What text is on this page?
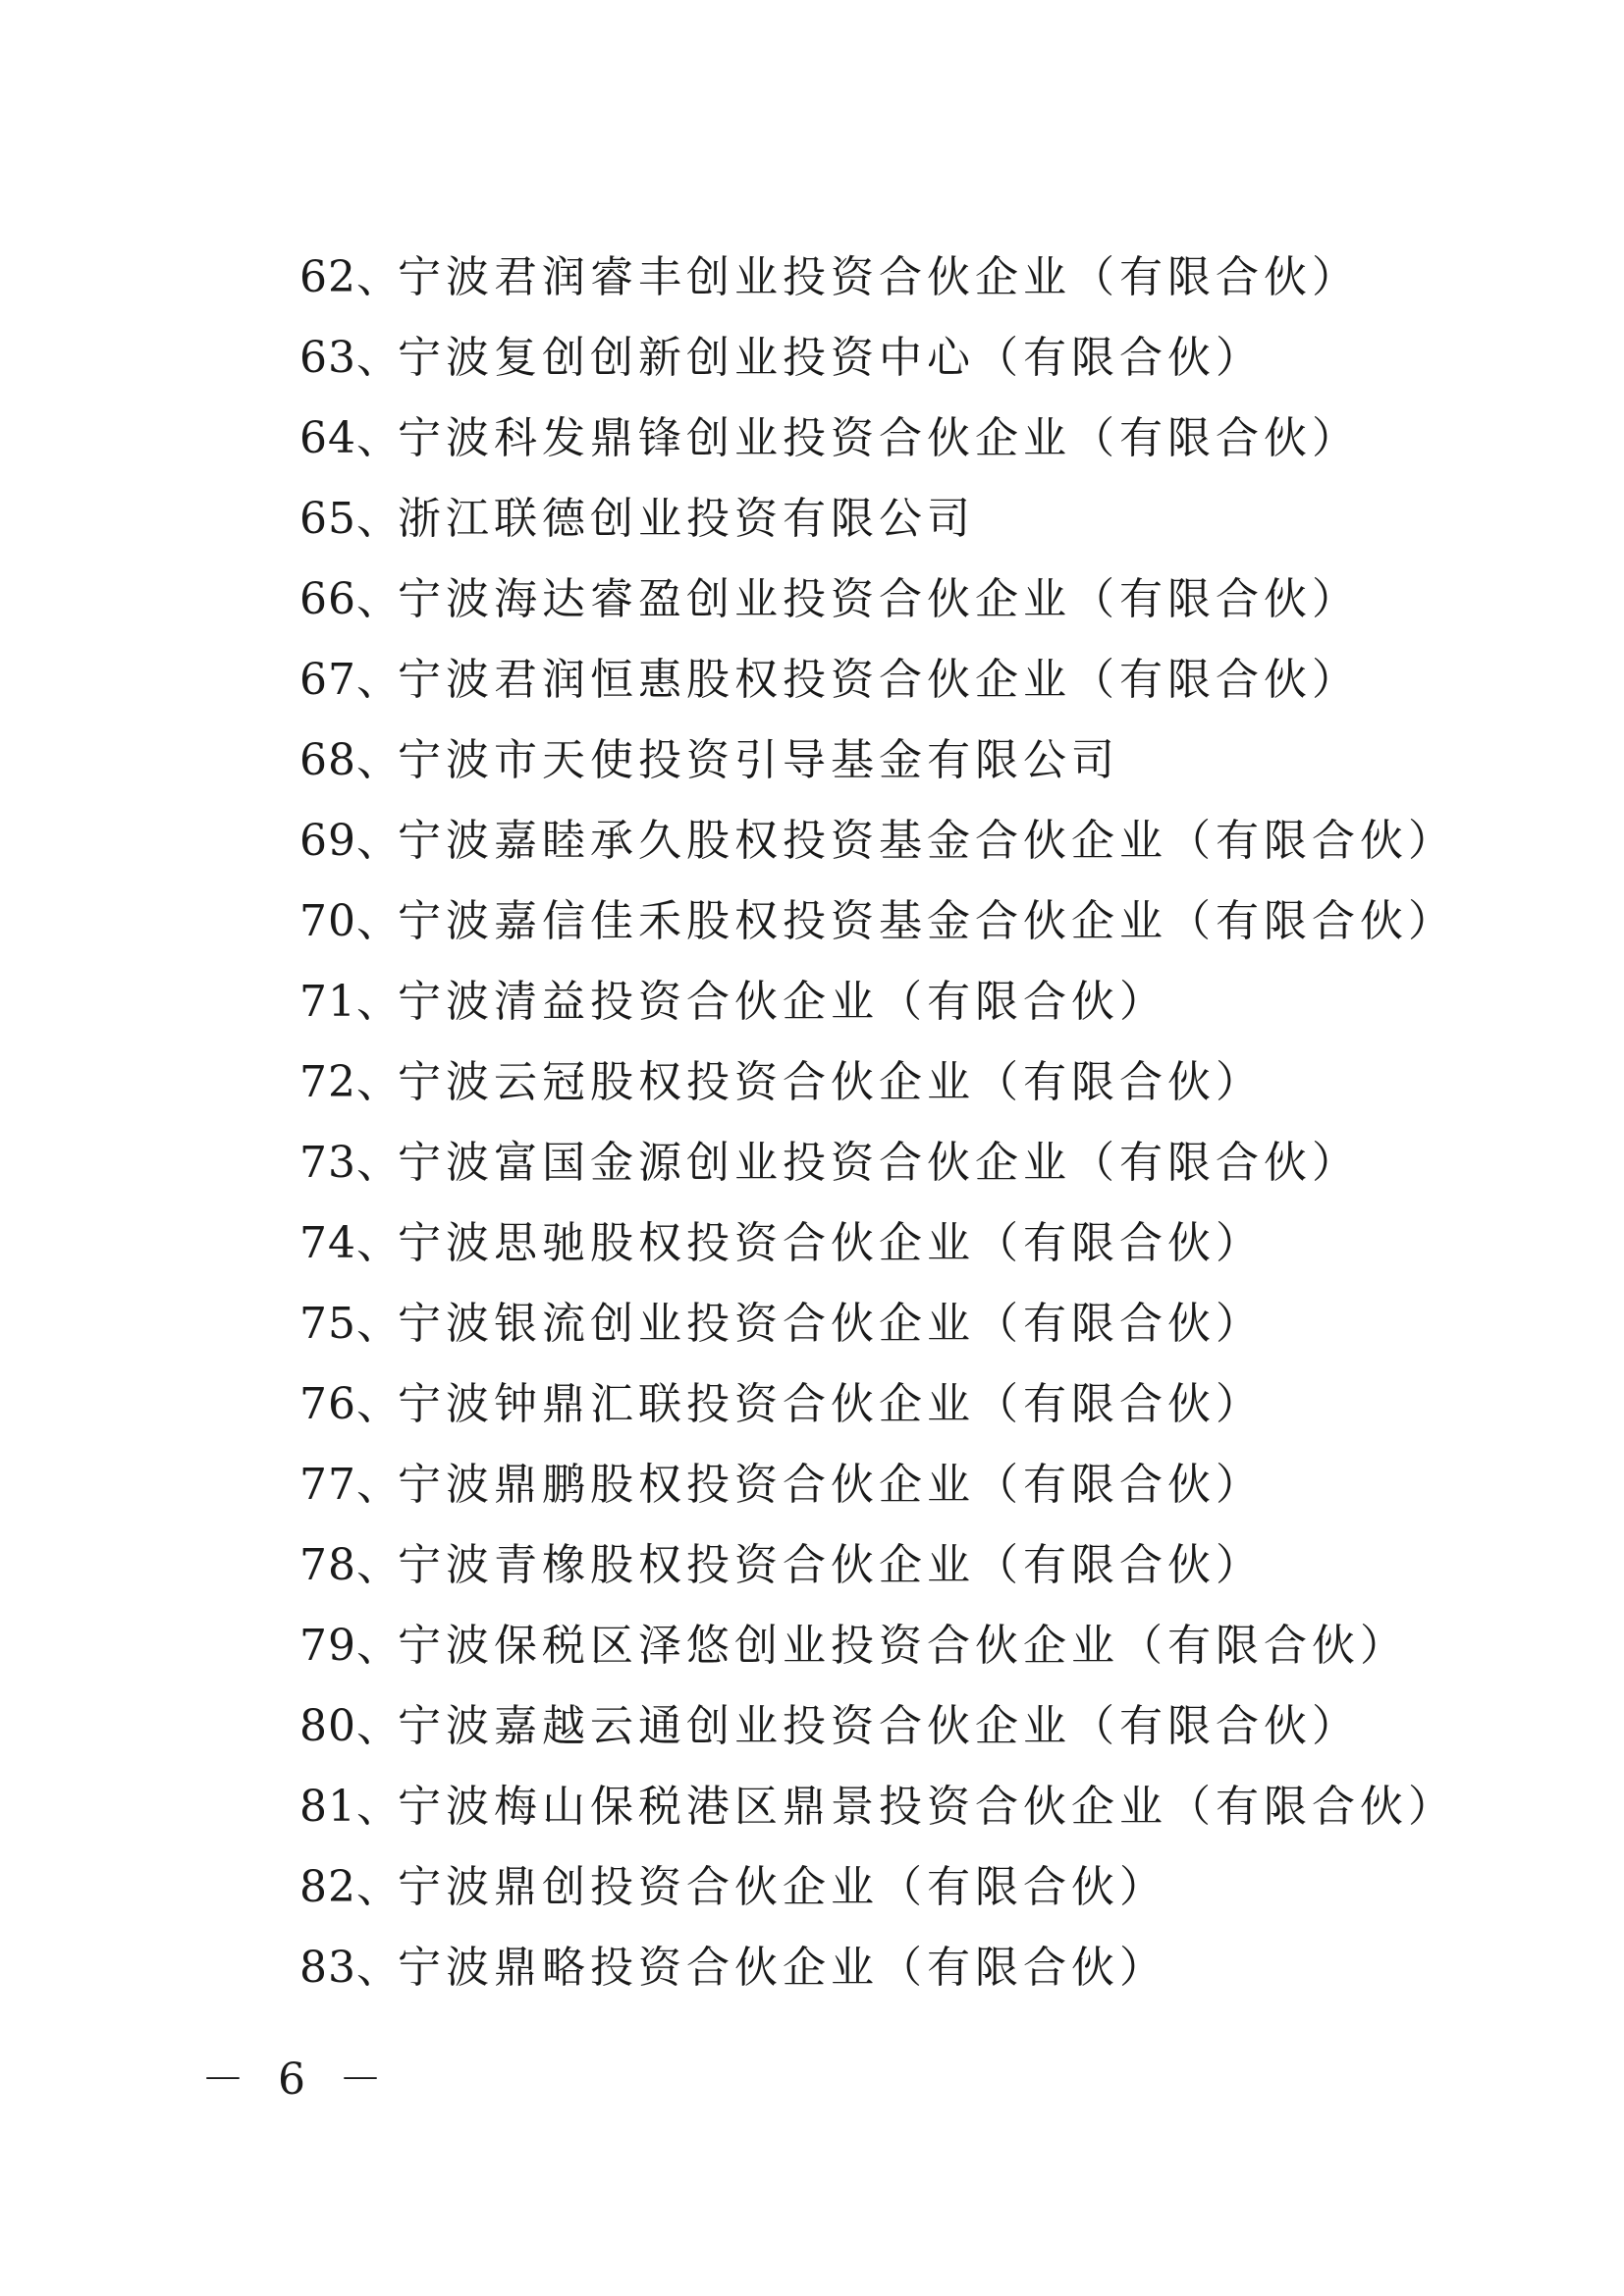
62、宁波君润睿丰创业投资合伙企业（有限合伙）
63、宁波复创创新创业投资中心（有限合伙）
64、宁波科发鼎锋创业投资合伙企业（有限合伙）
65、浙江联德创业投资有限公司
66、宁波海达睿盈创业投资合伙企业（有限合伙）
67、宁波君润恒惠股权投资合伙企业（有限合伙）
68、宁波市天使投资引导基金有限公司
69、宁波嘉睦承久股权投资基金合伙企业（有限合伙）
70、宁波嘉信佳禾股权投资基金合伙企业（有限合伙）
71、宁波清益投资合伙企业（有限合伙）
72、宁波云冠股权投资合伙企业（有限合伙）
73、宁波富国金源创业投资合伙企业（有限合伙）
74、宁波思驰股权投资合伙企业（有限合伙）
75、宁波银流创业投资合伙企业（有限合伙）
76、宁波钟鼎汇联投资合伙企业（有限合伙）
77、宁波鼎鹏股权投资合伙企业（有限合伙）
78、宁波青橡股权投资合伙企业（有限合伙）
79、宁波保税区泽悠创业投资合伙企业（有限合伙）
80、宁波嘉越云通创业投资合伙企业（有限合伙）
81、宁波梅山保税港区鼎景投资合伙企业（有限合伙）
82、宁波鼎创投资合伙企业（有限合伙）
83、宁波鼎略投资合伙企业（有限合伙）
－ 6 －
